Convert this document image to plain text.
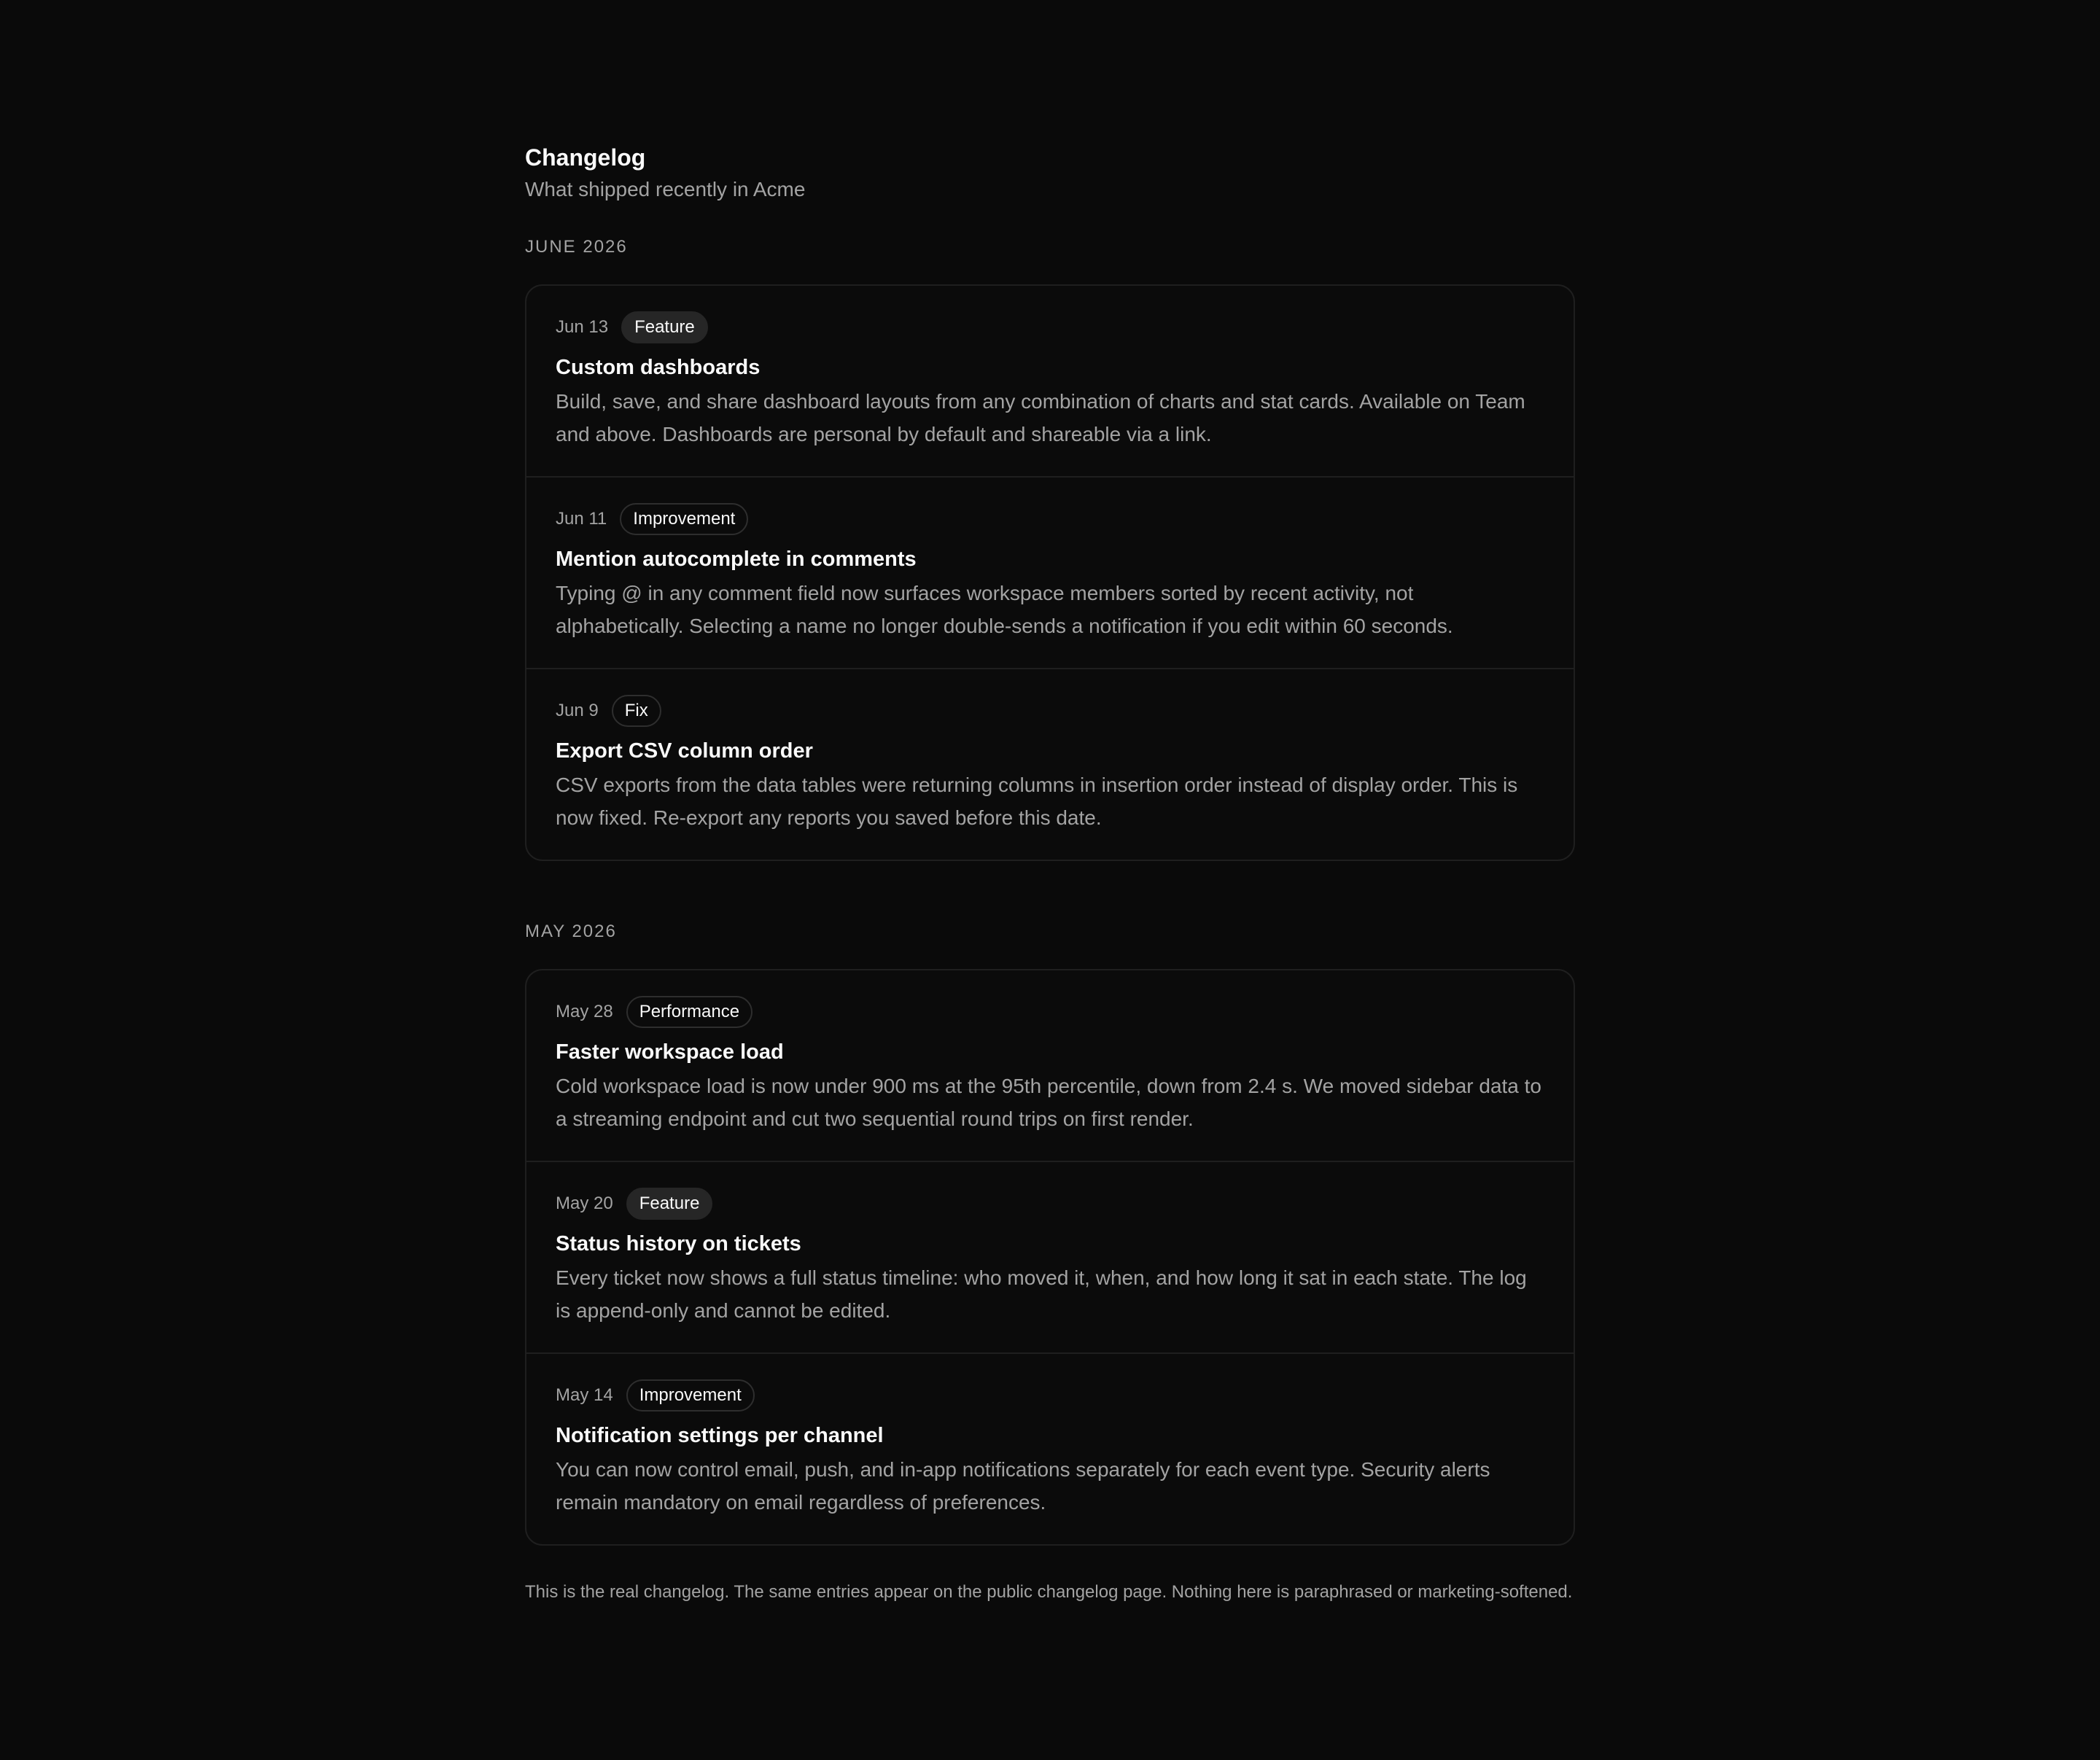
Changelog

What shipped recently in Acme

JUNE 2026
Jun 13	Feature
Custom dashboards

Build, save, and share dashboard layouts from any combination of charts and stat cards. Available on Team and above. Dashboards are personal by default and shareable via a link.

Jun 11	Improvement
Mention autocomplete in comments

Typing @ in any comment field now surfaces workspace members sorted by recent activity, not alphabetically. Selecting a name no longer double-sends a notification if you edit within 60 seconds.

Jun 9	Fix
Export CSV column order

CSV exports from the data tables were returning columns in insertion order instead of display order. This is now fixed. Re-export any reports you saved before this date.

MAY 2026
May 28	Performance
Faster workspace load

Cold workspace load is now under 900 ms at the 95th percentile, down from 2.4 s. We moved sidebar data to a streaming endpoint and cut two sequential round trips on first render.

May 20	Feature
Status history on tickets

Every ticket now shows a full status timeline: who moved it, when, and how long it sat in each state. The log is append-only and cannot be edited.

May 14	Improvement
Notification settings per channel

You can now control email, push, and in-app notifications separately for each event type. Security alerts remain mandatory on email regardless of preferences.

This is the real changelog. The same entries appear on the public changelog page. Nothing here is paraphrased or marketing-softened.
